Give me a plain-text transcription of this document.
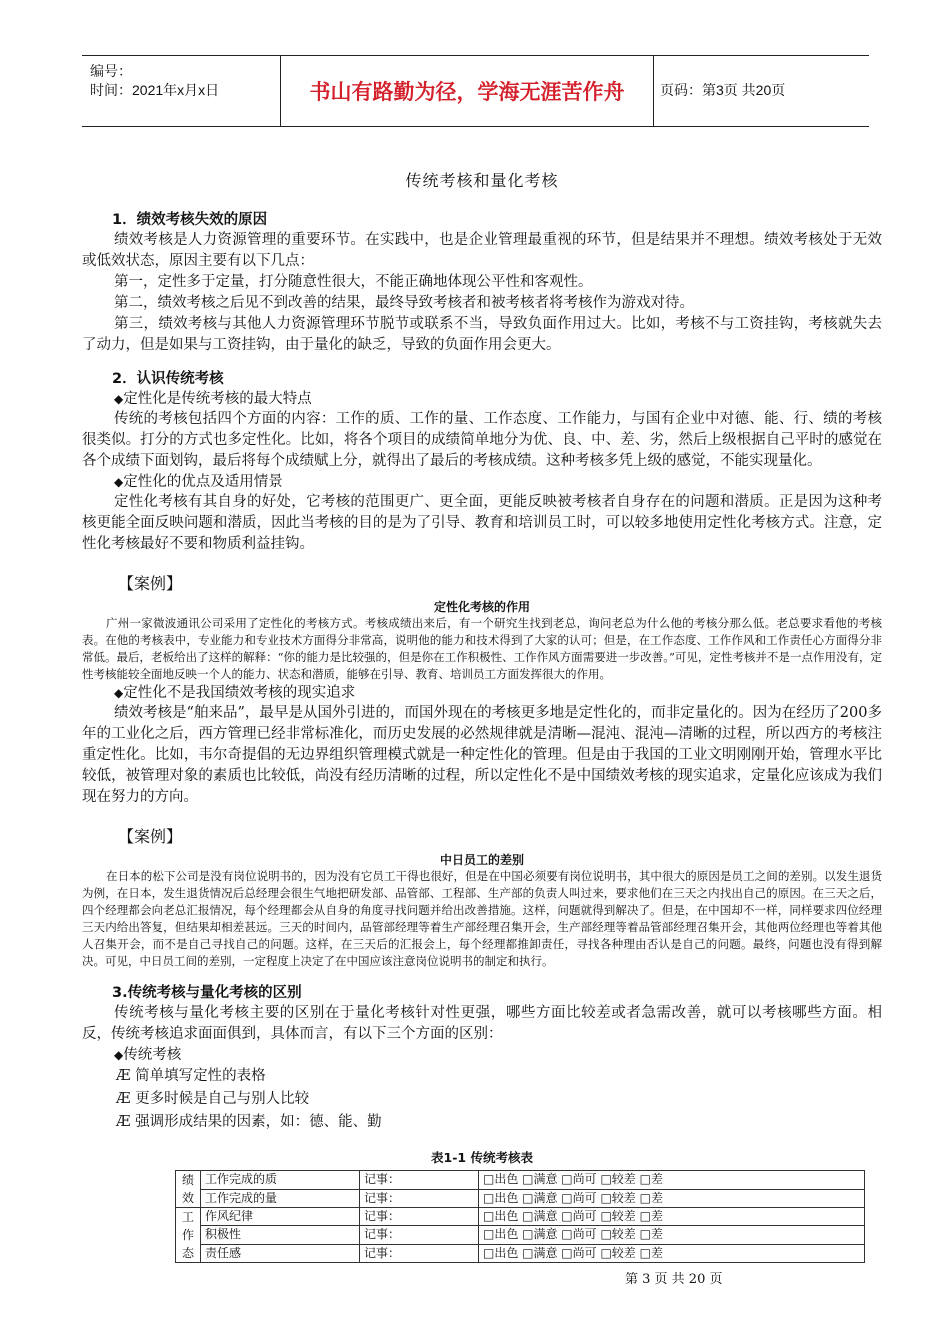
编号：
时间：2021年x月x日	书山有路勤为径，学海无涯苦作舟	页码：第3页 共20页
传统考核和量化考核

1．绩效考核失效的原因

绩效考核是人力资源管理的重要环节。在实践中，也是企业管理最重视的环节，但是结果并不理想。绩效考核处于无效或低效状态，原因主要有以下几点：

第一，定性多于定量，打分随意性很大，不能正确地体现公平性和客观性。

第二，绩效考核之后见不到改善的结果，最终导致考核者和被考核者将考核作为游戏对待。

第三，绩效考核与其他人力资源管理环节脱节或联系不当，导致负面作用过大。比如，考核不与工资挂钩，考核就失去了动力，但是如果与工资挂钩，由于量化的缺乏，导致的负面作用会更大。

2．认识传统考核

◆定性化是传统考核的最大特点

传统的考核包括四个方面的内容：工作的质、工作的量、工作态度、工作能力，与国有企业中对德、能、行、绩的考核很类似。打分的方式也多定性化。比如，将各个项目的成绩简单地分为优、良、中、差、劣，然后上级根据自己平时的感觉在各个成绩下面划钩，最后将每个成绩赋上分，就得出了最后的考核成绩。这种考核多凭上级的感觉，不能实现量化。

◆定性化的优点及适用情景

定性化考核有其自身的好处，它考核的范围更广、更全面，更能反映被考核者自身存在的问题和潜质。正是因为这种考核更能全面反映问题和潜质，因此当考核的目的是为了引导、教育和培训员工时，可以较多地使用定性化考核方式。注意，定性化考核最好不要和物质利益挂钩。

【案例】

定性化考核的作用

广州一家微波通讯公司采用了定性化的考核方式。考核成绩出来后，有一个研究生找到老总，询问老总为什么他的考核分那么低。老总要求看他的考核表。在他的考核表中，专业能力和专业技术方面得分非常高，说明他的能力和技术得到了大家的认可；但是，在工作态度、工作作风和工作责任心方面得分非常低。最后，老板给出了这样的解释：“你的能力是比较强的，但是你在工作积极性、工作作风方面需要进一步改善。”可见，定性考核并不是一点作用没有，定性考核能较全面地反映一个人的能力、状态和潜质，能够在引导、教育、培训员工方面发挥很大的作用。

◆定性化不是我国绩效考核的现实追求

绩效考核是“舶来品”，最早是从国外引进的，而国外现在的考核更多地是定性化的，而非定量化的。因为在经历了200多年的工业化之后，西方管理已经非常标准化，而历史发展的必然规律就是清晰—混沌、混沌—清晰的过程，所以西方的考核注重定性化。比如，韦尔奇提倡的无边界组织管理模式就是一种定性化的管理。但是由于我国的工业文明刚刚开始，管理水平比较低，被管理对象的素质也比较低，尚没有经历清晰的过程，所以定性化不是中国绩效考核的现实追求，定量化应该成为我们现在努力的方向。

【案例】

中日员工的差别

在日本的松下公司是没有岗位说明书的，因为没有它员工干得也很好，但是在中国必须要有岗位说明书，其中很大的原因是员工之间的差别。以发生退货为例，在日本，发生退货情况后总经理会很生气地把研发部、品管部、工程部、生产部的负责人叫过来，要求他们在三天之内找出自己的原因。在三天之后，四个经理都会向老总汇报情况，每个经理都会从自身的角度寻找问题并给出改善措施。这样，问题就得到解决了。但是，在中国却不一样，同样要求四位经理三天内给出答复，但结果却相差甚远。三天的时间内，品管部经理等着生产部经理召集开会，生产部经理等着品管部经理召集开会，其他两位经理也等着其他人召集开会，而不是自己寻找自己的问题。这样，在三天后的汇报会上，每个经理都推卸责任，寻找各种理由否认是自己的问题。最终，问题也没有得到解决。可见，中日员工间的差别，一定程度上决定了在中国应该注意岗位说明书的制定和执行。

3.传统考核与量化考核的区别

传统考核与量化考核主要的区别在于量化考核针对性更强，哪些方面比较差或者急需改善，就可以考核哪些方面。相反，传统考核追求面面俱到，具体而言，有以下三个方面的区别：

◆传统考核

Æ 简单填写定性的表格

Æ 更多时候是自己与别人比较

Æ 强调形成结果的因素，如：德、能、勤

表1-1 传统考核表
绩效	工作完成的质	记事：	□出色 □满意 □尚可 □较差 □差
	工作完成的量	记事：	□出色 □满意 □尚可 □较差 □差
工作态	作风纪律	记事：	□出色 □满意 □尚可 □较差 □差
	积极性	记事：	□出色 □满意 □尚可 □较差 □差
	责任感	记事：	□出色 □满意 □尚可 □较差 □差
第 3 页 共 20 页
